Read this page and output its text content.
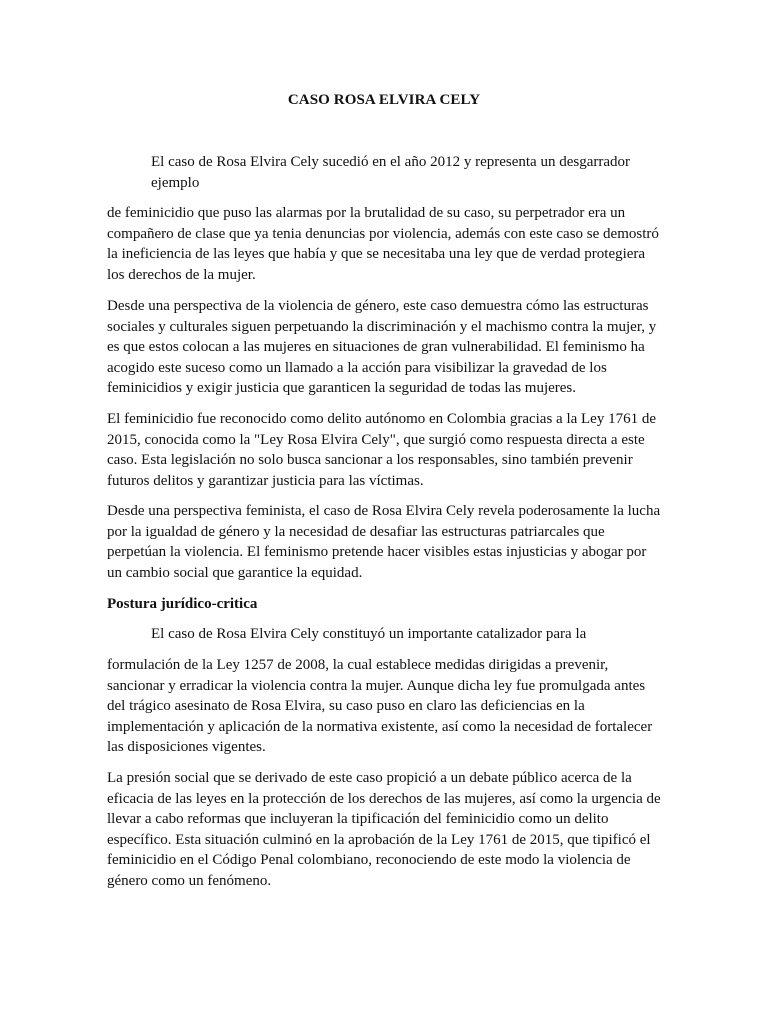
CASO ROSA ELVIRA CELY
El caso de Rosa Elvira Cely sucedió en el año 2012 y representa un desgarrador ejemplo
de feminicidio que puso las alarmas por la brutalidad de su caso, su perpetrador era un compañero de clase que ya tenia denuncias por violencia, además con este caso se demostró la ineficiencia de las leyes que había y que se necesitaba una ley que de verdad protegiera los derechos de la mujer.
Desde una perspectiva de la violencia de género, este caso demuestra cómo las estructuras sociales y culturales siguen perpetuando la discriminación y el machismo contra la mujer, y es que estos colocan a las mujeres en situaciones de gran vulnerabilidad. El feminismo ha acogido este suceso como un llamado a la acción para visibilizar la gravedad de los feminicidios y exigir justicia que garanticen la seguridad de todas las mujeres.
El feminicidio fue reconocido como delito autónomo en Colombia gracias a la Ley 1761 de 2015, conocida como la "Ley Rosa Elvira Cely", que surgió como respuesta directa a este caso. Esta legislación no solo busca sancionar a los responsables, sino también prevenir futuros delitos y garantizar justicia para las víctimas.
Desde una perspectiva feminista, el caso de Rosa Elvira Cely revela poderosamente la lucha por la igualdad de género y la necesidad de desafiar las estructuras patriarcales que perpetúan la violencia. El feminismo pretende hacer visibles estas injusticias y abogar por un cambio social que garantice la equidad.
Postura jurídico-critica
El caso de Rosa Elvira Cely constituyó un importante catalizador para la
formulación de la Ley 1257 de 2008, la cual establece medidas dirigidas a prevenir, sancionar y erradicar la violencia contra la mujer. Aunque dicha ley fue promulgada antes del trágico asesinato de Rosa Elvira, su caso puso en claro las deficiencias en la implementación y aplicación de la normativa existente, así como la necesidad de fortalecer las disposiciones vigentes.
La presión social que se derivado de este caso propició a un debate público acerca de la eficacia de las leyes en la protección de los derechos de las mujeres, así como la urgencia de llevar a cabo reformas que incluyeran la tipificación del feminicidio como un delito específico. Esta situación culminó en la aprobación de la Ley 1761 de 2015, que tipificó el feminicidio en el Código Penal colombiano, reconociendo de este modo la violencia de género como un fenómeno.
